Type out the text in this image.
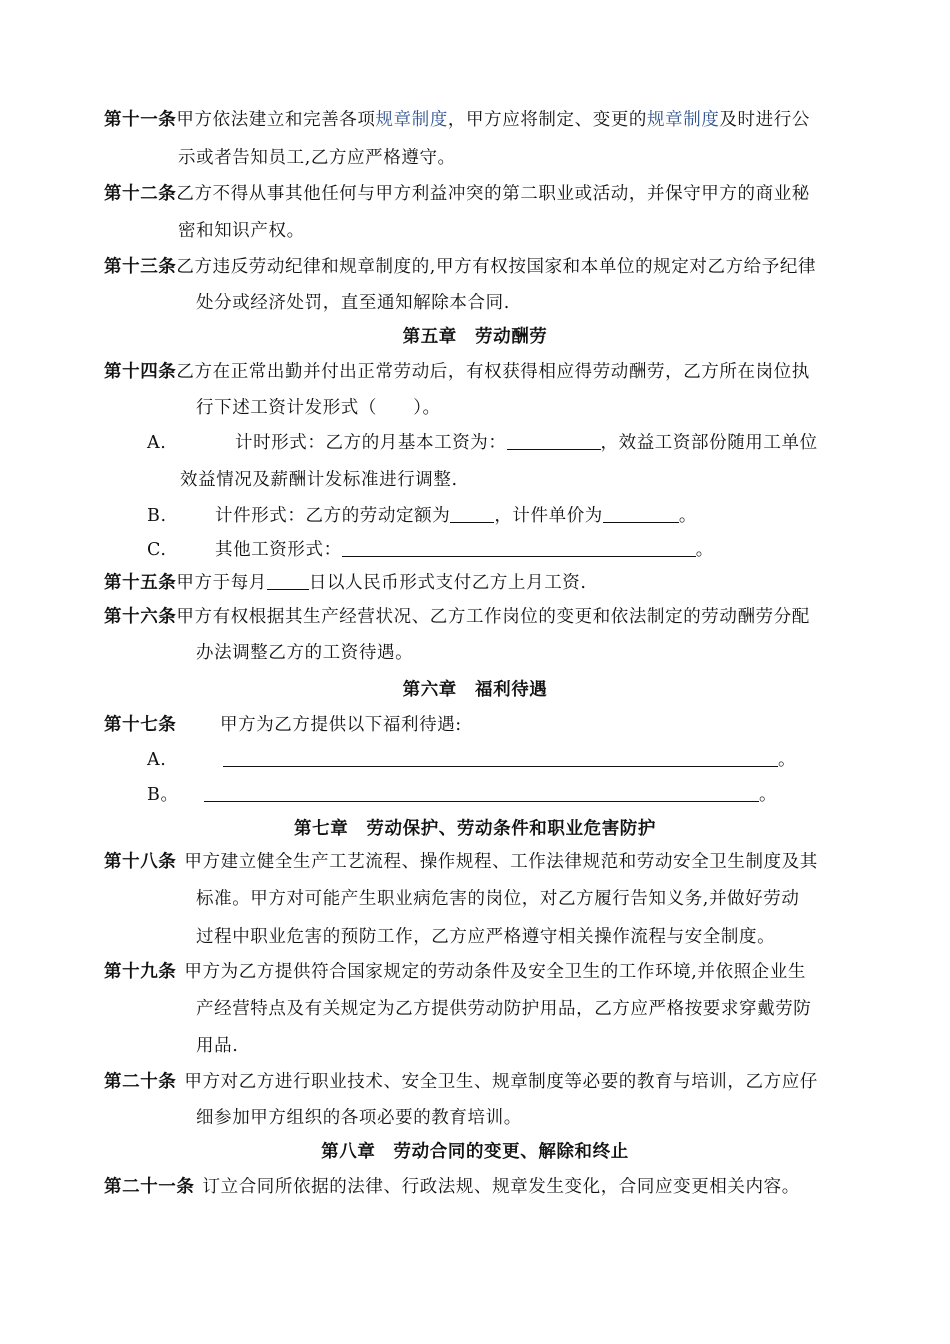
第十一条甲方依法建立和完善各项规章制度，甲方应将制定、变更的规章制度及时进行公
示或者告知员工,乙方应严格遵守。
第十二条乙方不得从事其他任何与甲方利益冲突的第二职业或活动，并保守甲方的商业秘
密和知识产权。
第十三条乙方违反劳动纪律和规章制度的,甲方有权按国家和本单位的规定对乙方给予纪律
处分或经济处罚，直至通知解除本合同.
第五章　劳动酬劳
第十四条乙方在正常出勤并付出正常劳动后，有权获得相应得劳动酬劳，乙方所在岗位执
行下述工资计发形式（　　）。
A.	计时形式：乙方的月基本工资为：	，效益工资部份随用工单位
效益情况及薪酬计发标准进行调整.
B.	计件形式：乙方的劳动定额为	，计件单价为	。
C.	其他工资形式：	。
第十五条甲方于每月 日以人民币形式支付乙方上月工资.
第十六条甲方有权根据其生产经营状况、乙方工作岗位的变更和依法制定的劳动酬劳分配
办法调整乙方的工资待遇。
第六章　福利待遇
第十七条 甲方为乙方提供以下福利待遇:
A.	。
B。	。
第七章　劳动保护、劳动条件和职业危害防护
第十八条 甲方建立健全生产工艺流程、操作规程、工作法律规范和劳动安全卫生制度及其
标准。甲方对可能产生职业病危害的岗位，对乙方履行告知义务,并做好劳动
过程中职业危害的预防工作，乙方应严格遵守相关操作流程与安全制度。
第十九条 甲方为乙方提供符合国家规定的劳动条件及安全卫生的工作环境,并依照企业生
产经营特点及有关规定为乙方提供劳动防护用品，乙方应严格按要求穿戴劳防
用品.
第二十条 甲方对乙方进行职业技术、安全卫生、规章制度等必要的教育与培训，乙方应仔
细参加甲方组织的各项必要的教育培训。
第八章　劳动合同的变更、解除和终止
第二十一条 订立合同所依据的法律、行政法规、规章发生变化，合同应变更相关内容。
